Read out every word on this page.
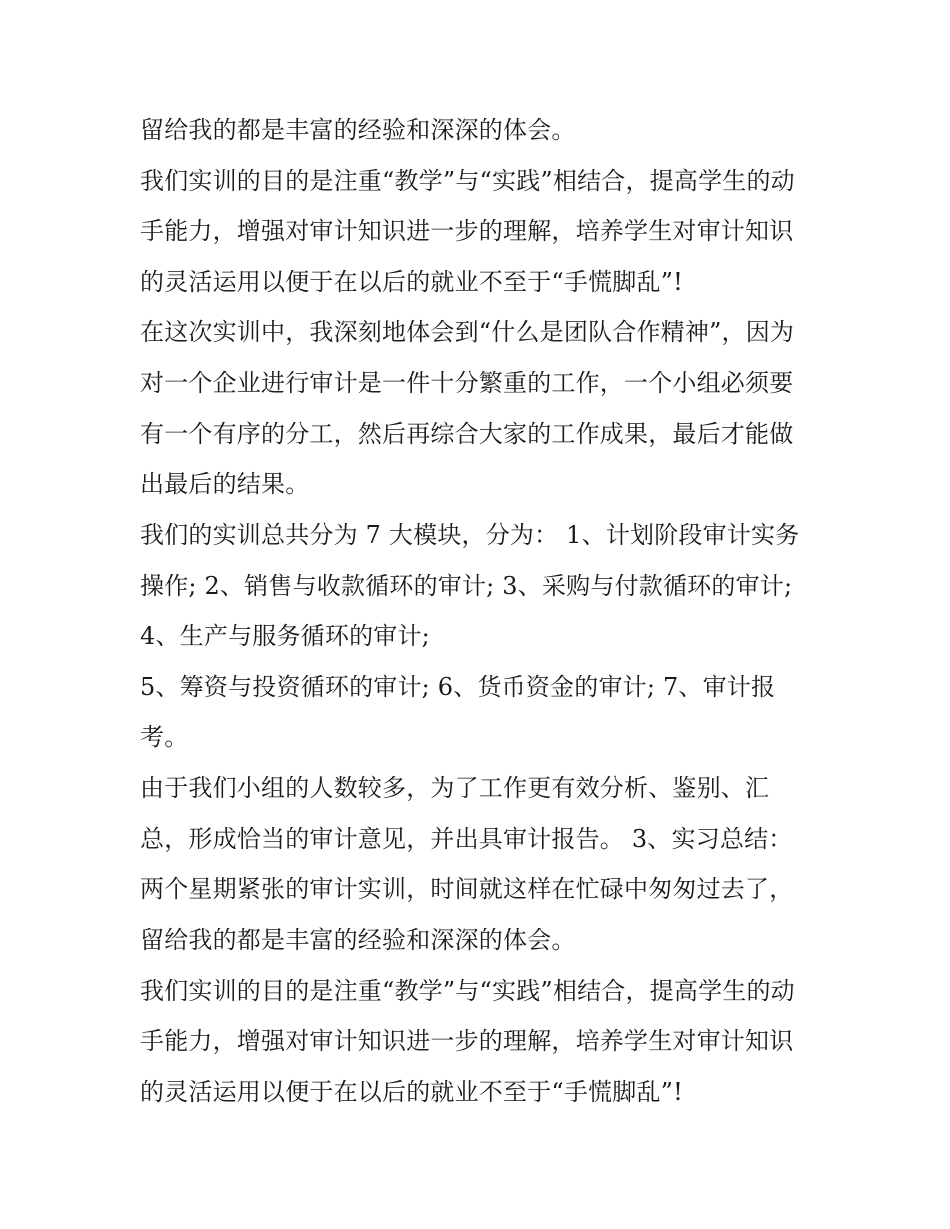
留给我的都是丰富的经验和深深的体会。

我们实训的目的是注重“教学”与“实践”相结合，提高学生的动

手能力，增强对审计知识进一步的理解，培养学生对审计知识

的灵活运用以便于在以后的就业不至于“手慌脚乱”!

在这次实训中，我深刻地体会到“什么是团队合作精神”，因为

对一个企业进行审计是一件十分繁重的工作，一个小组必须要

有一个有序的分工，然后再综合大家的工作成果，最后才能做

出最后的结果。

我们的实训总共分为 7 大模块，分为： 1、计划阶段审计实务

操作; 2、销售与收款循环的审计; 3、采购与付款循环的审计;

4、生产与服务循环的审计;

5、筹资与投资循环的审计; 6、货币资金的审计; 7、审计报

考。

由于我们小组的人数较多，为了工作更有效分析、鉴别、汇

总，形成恰当的审计意见，并出具审计报告。 3、实习总结：

两个星期紧张的审计实训，时间就这样在忙碌中匆匆过去了，

留给我的都是丰富的经验和深深的体会。

我们实训的目的是注重“教学”与“实践”相结合，提高学生的动

手能力，增强对审计知识进一步的理解，培养学生对审计知识

的灵活运用以便于在以后的就业不至于“手慌脚乱”!
